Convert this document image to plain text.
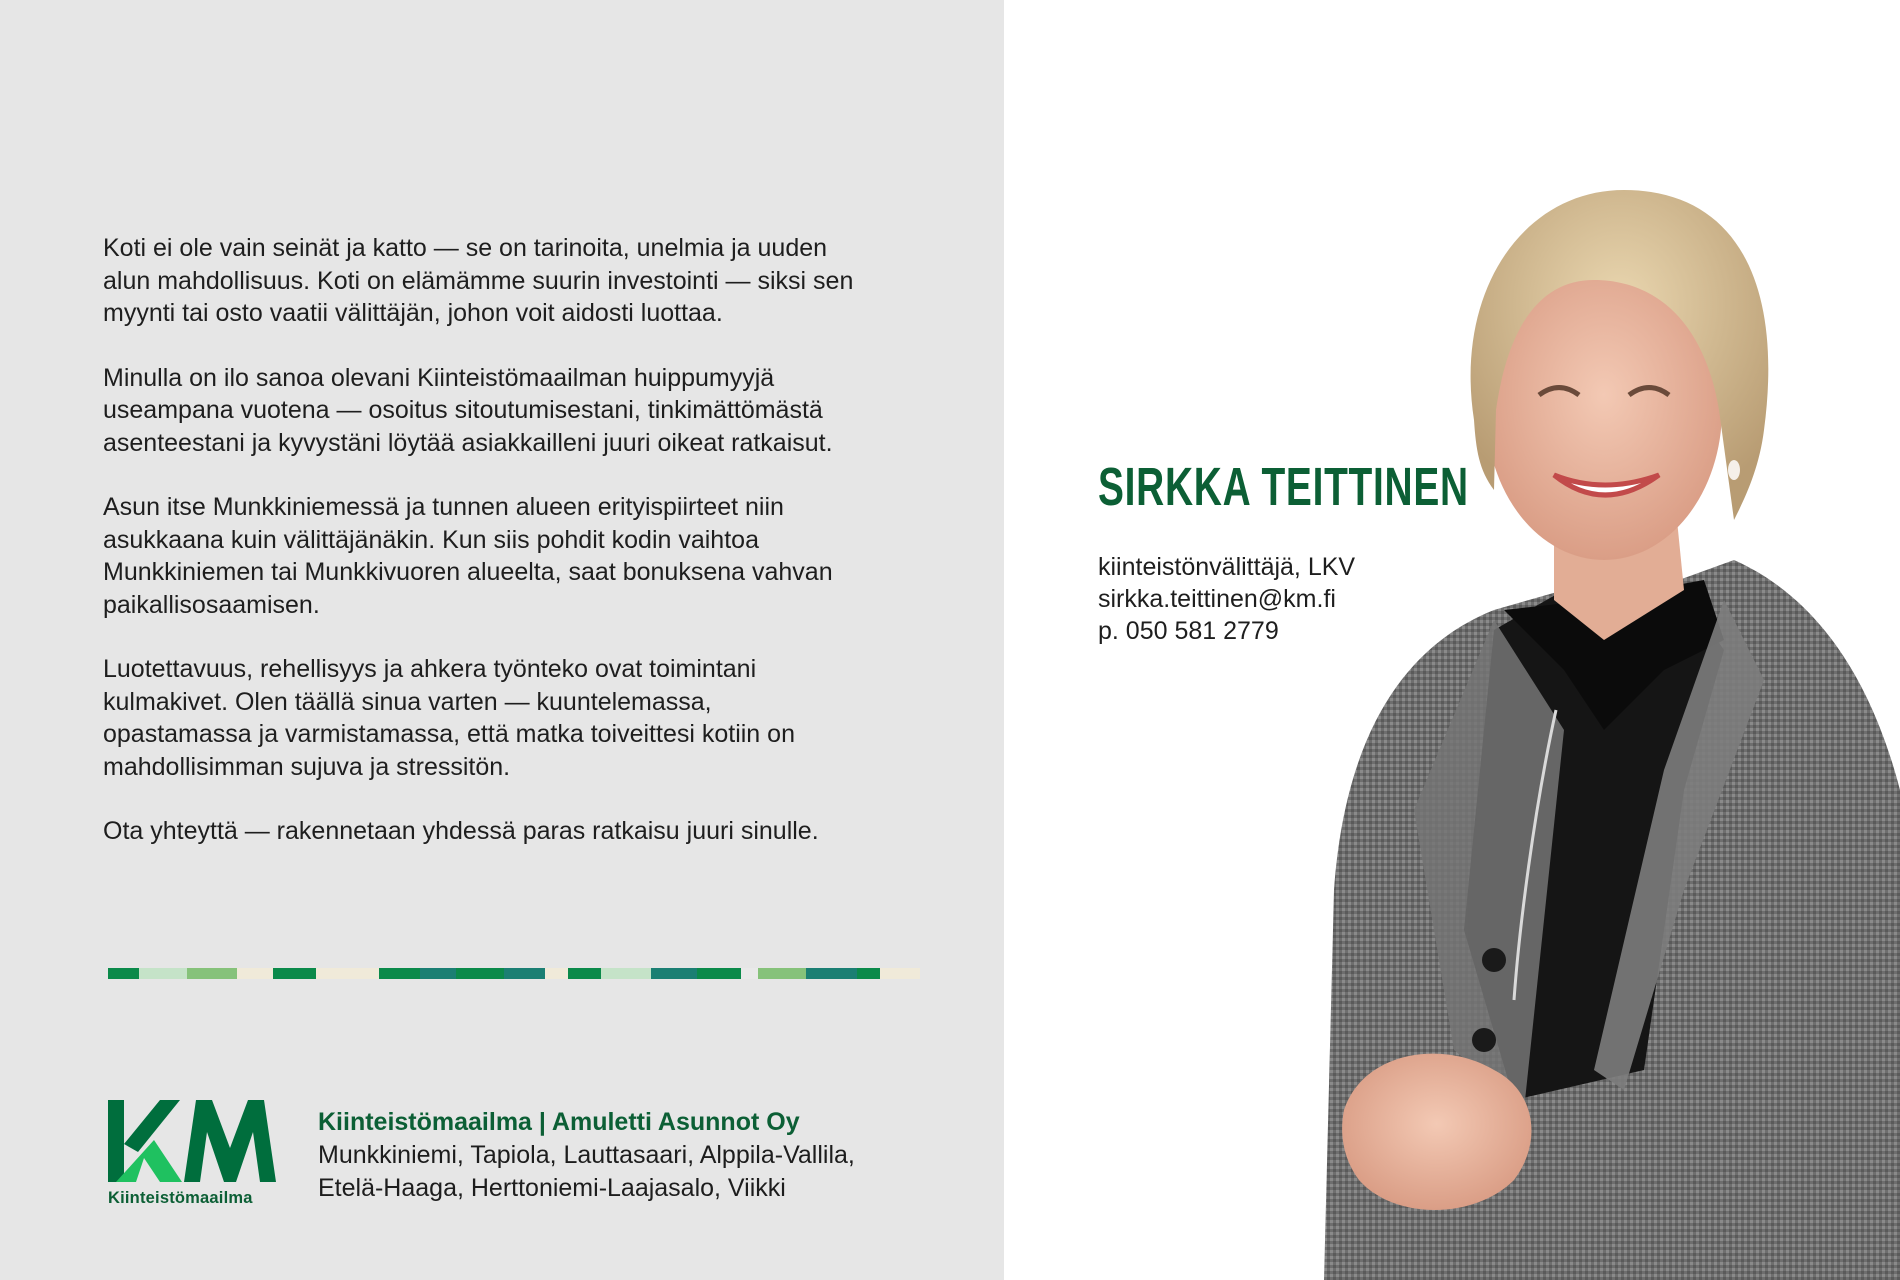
Koti ei ole vain seinät ja katto — se on tarinoita, unelmia ja uuden
alun mahdollisuus. Koti on elämämme suurin investointi — siksi sen
myynti tai osto vaatii välittäjän, johon voit aidosti luottaa.

Minulla on ilo sanoa olevani Kiinteistömaailman huippumyyjä
useampana vuotena — osoitus sitoutumisestani, tinkimättömästä
asenteestani ja kyvystäni löytää asiakkailleni juuri oikeat ratkaisut.

Asun itse Munkkiniemessä ja tunnen alueen erityispiirteet niin
asukkaana kuin välittäjänäkin. Kun siis pohdit kodin vaihtoa
Munkkiniemen tai Munkkivuoren alueelta, saat bonuksena vahvan
paikallisosaamisen.

Luotettavuus, rehellisyys ja ahkera työnteko ovat toimintani
kulmakivet. Olen täällä sinua varten — kuuntelemassa,
opastamassa ja varmistamassa, että matka toiveittesi kotiin on
mahdollisimman sujuva ja stressitön.

Ota yhteyttä — rakennetaan yhdessä paras ratkaisu juuri sinulle.

Kiinteistömaailma
Kiinteistömaailma | Amuletti Asunnot Oy
Munkkiniemi, Tapiola, Lauttasaari, Alppila-Vallila,
Etelä-Haaga, Herttoniemi-Laajasalo, Viikki
SIRKKA TEITTINEN
kiinteistönvälittäjä, LKV
sirkka.teittinen@km.fi
p. 050 581 2779
